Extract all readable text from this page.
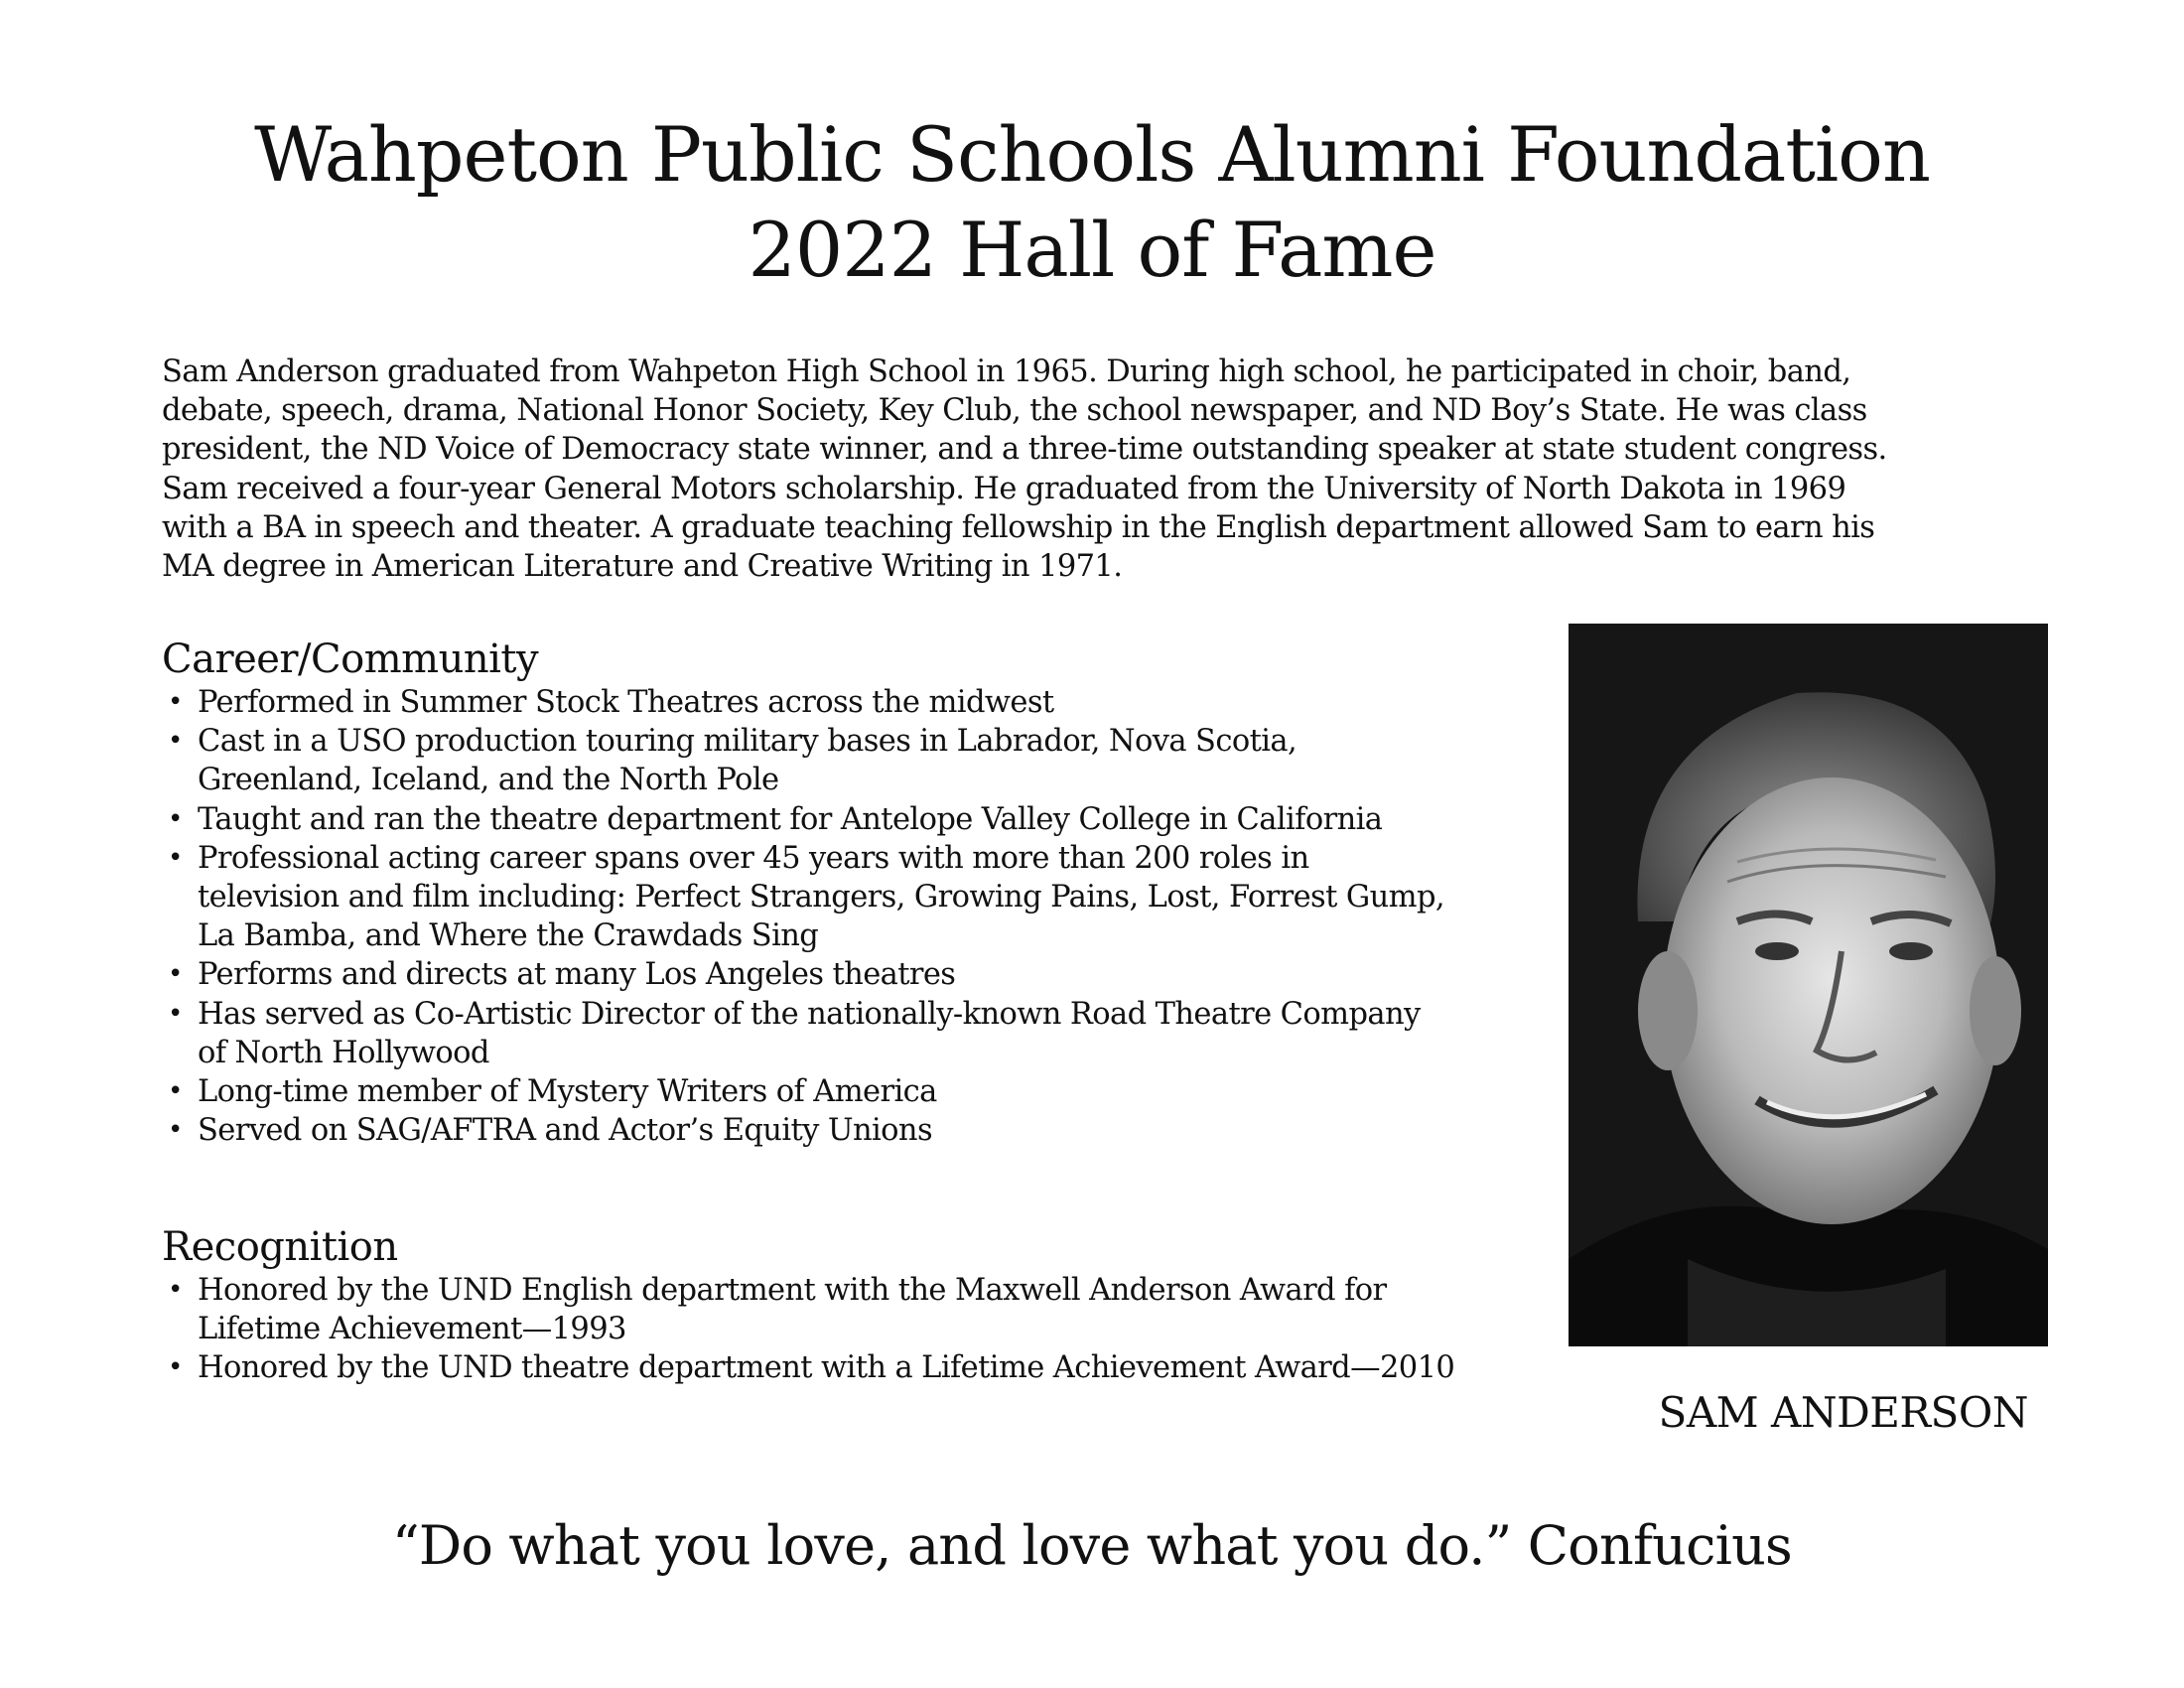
Wahpeton Public Schools Alumni Foundation
2022 Hall of Fame
Sam Anderson graduated from Wahpeton High School in 1965. During high school, he participated in choir, band,
debate, speech, drama, National Honor Society, Key Club, the school newspaper, and ND Boy’s State. He was class
president, the ND Voice of Democracy state winner, and a three-time outstanding speaker at state student congress.
Sam received a four-year General Motors scholarship. He graduated from the University of North Dakota in 1969
with a BA in speech and theater. A graduate teaching fellowship in the English department allowed Sam to earn his
MA degree in American Literature and Creative Writing in 1971.
Career/Community
• Performed in Summer Stock Theatres across the midwest
• Cast in a USO production touring military bases in Labrador, Nova Scotia,
Greenland, Iceland, and the North Pole
• Taught and ran the theatre department for Antelope Valley College in California
• Professional acting career spans over 45 years with more than 200 roles in
television and film including: Perfect Strangers, Growing Pains, Lost, Forrest Gump,
La Bamba, and Where the Crawdads Sing
• Performs and directs at many Los Angeles theatres
• Has served as Co-Artistic Director of the nationally-known Road Theatre Company
of North Hollywood
• Long-time member of Mystery Writers of America
• Served on SAG/AFTRA and Actor’s Equity Unions
Recognition
• Honored by the UND English department with the Maxwell Anderson Award for
Lifetime Achievement—1993
• Honored by the UND theatre department with a Lifetime Achievement Award—2010
SAM ANDERSON
“Do what you love, and love what you do.” Confucius
